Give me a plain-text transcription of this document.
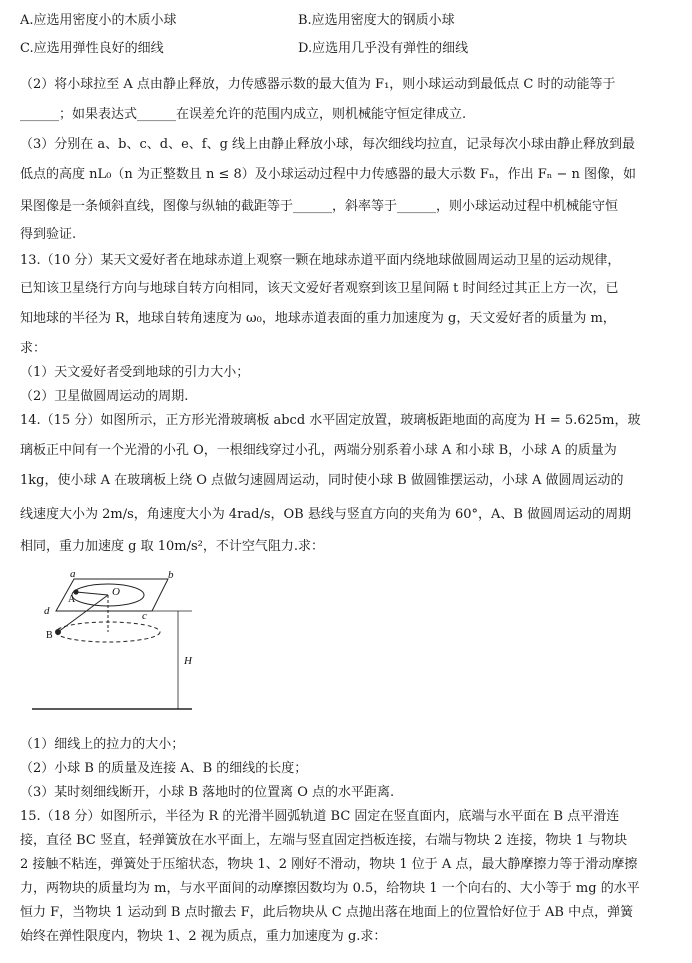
A.应选用密度小的木质小球	B.应选用密度大的钢质小球
C.应选用弹性良好的细线	D.应选用几乎没有弹性的细线
（2）将小球拉至 A 点由静止释放，力传感器示数的最大值为 F₁，则小球运动到最低点 C 时的动能等于
______；如果表达式______在误差允许的范围内成立，则机械能守恒定律成立.
（3）分别在 a、b、c、d、e、f、g 线上由静止释放小球，每次细线均拉直，记录每次小球由静止释放到最
低点的高度 nL₀（n 为正整数且 n ≤ 8）及小球运动过程中力传感器的最大示数 Fₙ，作出 Fₙ − n 图像，如
果图像是一条倾斜直线，图像与纵轴的截距等于______，斜率等于______，则小球运动过程中机械能守恒
得到验证.
13.（10 分）某天文爱好者在地球赤道上观察一颗在地球赤道平面内绕地球做圆周运动卫星的运动规律，
已知该卫星绕行方向与地球自转方向相同，该天文爱好者观察到该卫星间隔 t 时间经过其正上方一次，已
知地球的半径为 R，地球自转角速度为 ω₀，地球赤道表面的重力加速度为 g，天文爱好者的质量为 m，
求：
（1）天文爱好者受到地球的引力大小；
（2）卫星做圆周运动的周期.
14.（15 分）如图所示，正方形光滑玻璃板 abcd 水平固定放置，玻璃板距地面的高度为 H = 5.625m，玻
璃板正中间有一个光滑的小孔 O，一根细线穿过小孔，两端分别系着小球 A 和小球 B，小球 A 的质量为
1kg，使小球 A 在玻璃板上绕 O 点做匀速圆周运动，同时使小球 B 做圆锥摆运动，小球 A 做圆周运动的
线速度大小为 2m/s，角速度大小为 4rad/s，OB 悬线与竖直方向的夹角为 60°，A、B 做圆周运动的周期
相同，重力加速度 g 取 10m/s²，不计空气阻力.求：
a	b
c
d
O
H
A
B
（1）细线上的拉力的大小；
（2）小球 B 的质量及连接 A、B 的细线的长度；
（3）某时刻细线断开，小球 B 落地时的位置离 O 点的水平距离.
15.（18 分）如图所示，半径为 R 的光滑半圆弧轨道 BC 固定在竖直面内，底端与水平面在 B 点平滑连
接，直径 BC 竖直，轻弹簧放在水平面上，左端与竖直固定挡板连接，右端与物块 2 连接，物块 1 与物块
2 接触不粘连，弹簧处于压缩状态，物块 1、2 刚好不滑动，物块 1 位于 A 点，最大静摩擦力等于滑动摩擦
力，两物块的质量均为 m，与水平面间的动摩擦因数均为 0.5，给物块 1 一个向右的、大小等于 mg 的水平
恒力 F，当物块 1 运动到 B 点时撤去 F，此后物块从 C 点抛出落在地面上的位置恰好位于 AB 中点，弹簧
始终在弹性限度内，物块 1、2 视为质点，重力加速度为 g.求：
